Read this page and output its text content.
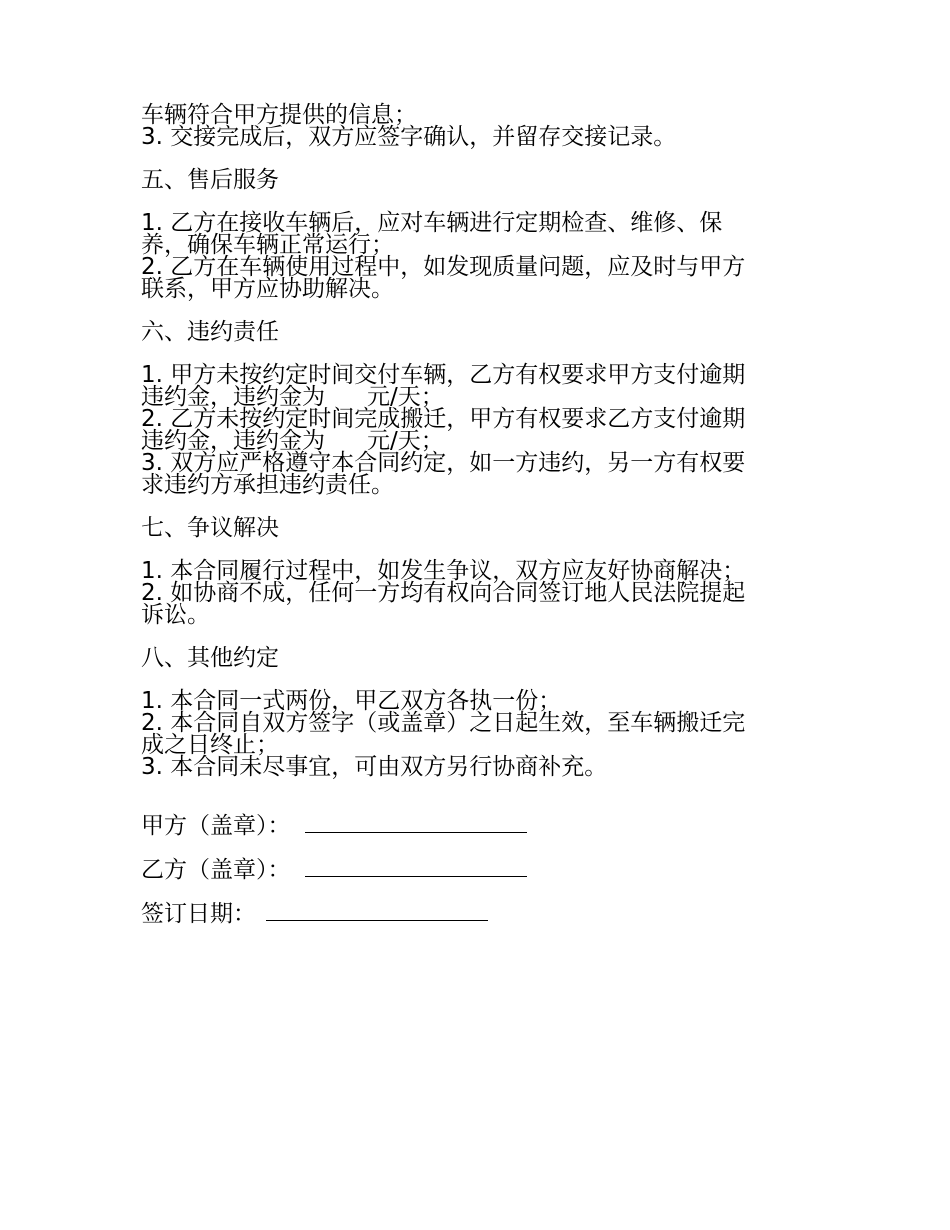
车辆符合甲方提供的信息；
3. 交接完成后，双方应签字确认，并留存交接记录。
五、售后服务
1. 乙方在接收车辆后，应对车辆进行定期检查、维修、保
养，确保车辆正常运行；
2. 乙方在车辆使用过程中，如发现质量问题，应及时与甲方
联系，甲方应协助解决。
六、违约责任
1. 甲方未按约定时间交付车辆，乙方有权要求甲方支付逾期
违约金，违约金为 元/天；
2. 乙方未按约定时间完成搬迁，甲方有权要求乙方支付逾期
违约金，违约金为 元/天；
3. 双方应严格遵守本合同约定，如一方违约，另一方有权要
求违约方承担违约责任。
七、争议解决
1. 本合同履行过程中，如发生争议，双方应友好协商解决；
2. 如协商不成，任何一方均有权向合同签订地人民法院提起
诉讼。
八、其他约定
1. 本合同一式两份，甲乙双方各执一份；
2. 本合同自双方签字（或盖章）之日起生效，至车辆搬迁完
成之日终止；
3. 本合同未尽事宜，可由双方另行协商补充。
甲方（盖章）：
乙方（盖章）：
签订日期：
